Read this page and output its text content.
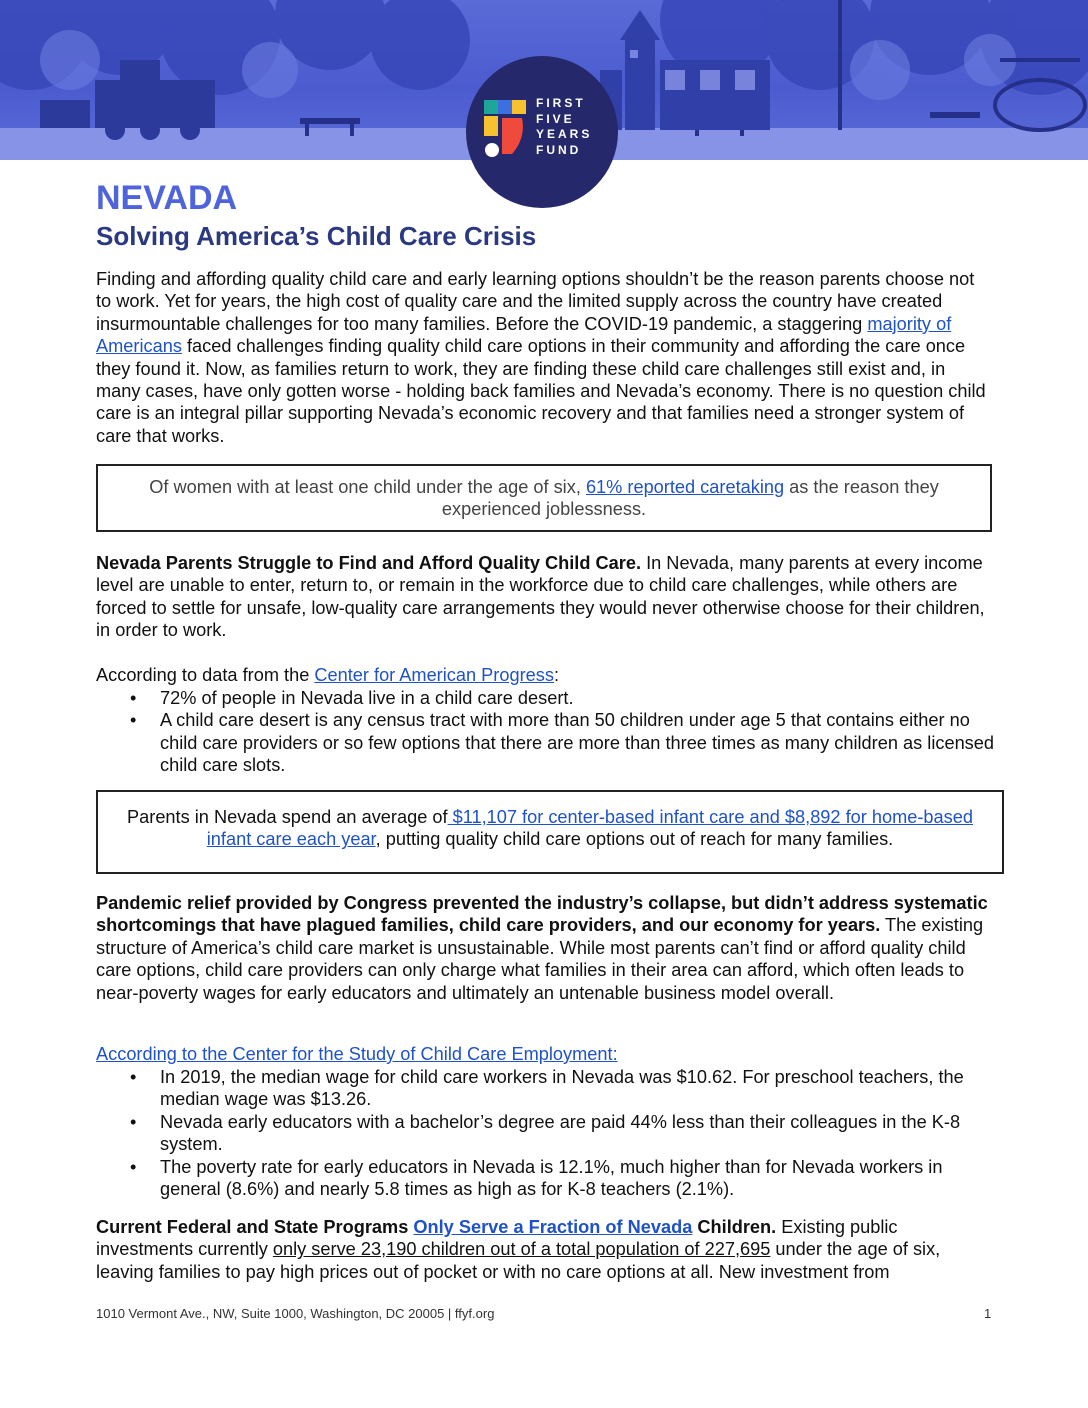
FIRST
FIVE
YEARS
FUND
NEVADA
Solving America’s Child Care Crisis

Finding and affording quality child care and early learning options shouldn’t be the reason parents choose not to work. Yet for years, the high cost of quality care and the limited supply across the country have created insurmountable challenges for too many families. Before the COVID-19 pandemic, a staggering majority of Americans faced challenges finding quality child care options in their community and affording the care once they found it. Now, as families return to work, they are finding these child care challenges still exist and, in many cases, have only gotten worse - holding back families and Nevada’s economy. There is no question child care is an integral pillar supporting Nevada’s economic recovery and that families need a stronger system of care that works.

Of women with at least one child under the age of six, 61% reported caretaking as the reason they experienced joblessness.

Nevada Parents Struggle to Find and Afford Quality Child Care. In Nevada, many parents at every income level are unable to enter, return to, or remain in the workforce due to child care challenges, while others are forced to settle for unsafe, low-quality care arrangements they would never otherwise choose for their children, in order to work.

According to data from the Center for American Progress:

• 72% of people in Nevada live in a child care desert.
• A child care desert is any census tract with more than 50 children under age 5 that contains either no child care providers or so few options that there are more than three times as many children as licensed child care slots.
Parents in Nevada spend an average of $11,107 for center-based infant care and $8,892 for home-based infant care each year, putting quality child care options out of reach for many families.

Pandemic relief provided by Congress prevented the industry’s collapse, but didn’t address systematic shortcomings that have plagued families, child care providers, and our economy for years. The existing structure of America’s child care market is unsustainable. While most parents can’t find or afford quality child care options, child care providers can only charge what families in their area can afford, which often leads to near-poverty wages for early educators and ultimately an untenable business model overall.

According to the Center for the Study of Child Care Employment:

• In 2019, the median wage for child care workers in Nevada was $10.62. For preschool teachers, the median wage was $13.26.
• Nevada early educators with a bachelor’s degree are paid 44% less than their colleagues in the K-8 system.
• The poverty rate for early educators in Nevada is 12.1%, much higher than for Nevada workers in general (8.6%) and nearly 5.8 times as high as for K-8 teachers (2.1%).

Current Federal and State Programs Only Serve a Fraction of Nevada Children. Existing public investments currently only serve 23,190 children out of a total population of 227,695 under the age of six, leaving families to pay high prices out of pocket or with no care options at all. New investment from

1010 Vermont Ave., NW, Suite 1000, Washington, DC 20005 | ffyf.org	1
